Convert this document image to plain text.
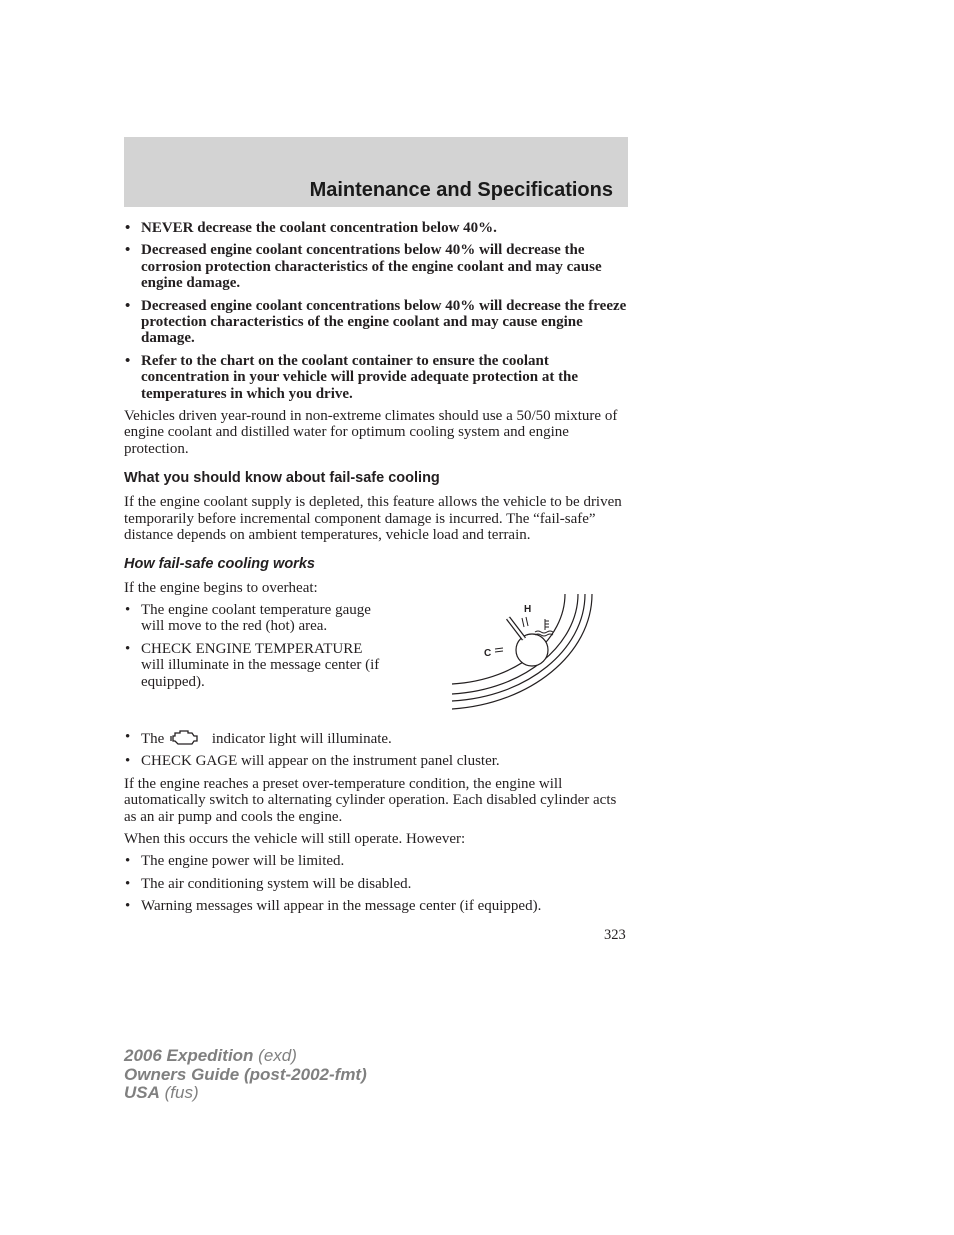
Maintenance and Specifications
• NEVER decrease the coolant concentration below 40%.
• Decreased engine coolant concentrations below 40% will decrease the corrosion protection characteristics of the engine coolant and may cause engine damage.
• Decreased engine coolant concentrations below 40% will decrease the freeze protection characteristics of the engine coolant and may cause engine damage.
• Refer to the chart on the coolant container to ensure the coolant concentration in your vehicle will provide adequate protection at the temperatures in which you drive.

Vehicles driven year-round in non-extreme climates should use a 50/50 mixture of engine coolant and distilled water for optimum cooling system and engine protection.

What you should know about fail-safe cooling

If the engine coolant supply is depleted, this feature allows the vehicle to be driven temporarily before incremental component damage is incurred. The “fail-safe” distance depends on ambient temperatures, vehicle load and terrain.

How fail-safe cooling works

If the engine begins to overheat:

• The engine coolant temperature gauge will move to the red (hot) area.
• CHECK ENGINE TEMPERATURE will illuminate in the message center (if equipped).
H
C
• The	indicator light will illuminate.
• CHECK GAGE will appear on the instrument panel cluster.

If the engine reaches a preset over-temperature condition, the engine will automatically switch to alternating cylinder operation. Each disabled cylinder acts as an air pump and cools the engine.

When this occurs the vehicle will still operate. However:

• The engine power will be limited.
• The air conditioning system will be disabled.
• Warning messages will appear in the message center (if equipped).
323
2006 Expedition (exd)
Owners Guide (post-2002-fmt)
USA (fus)
